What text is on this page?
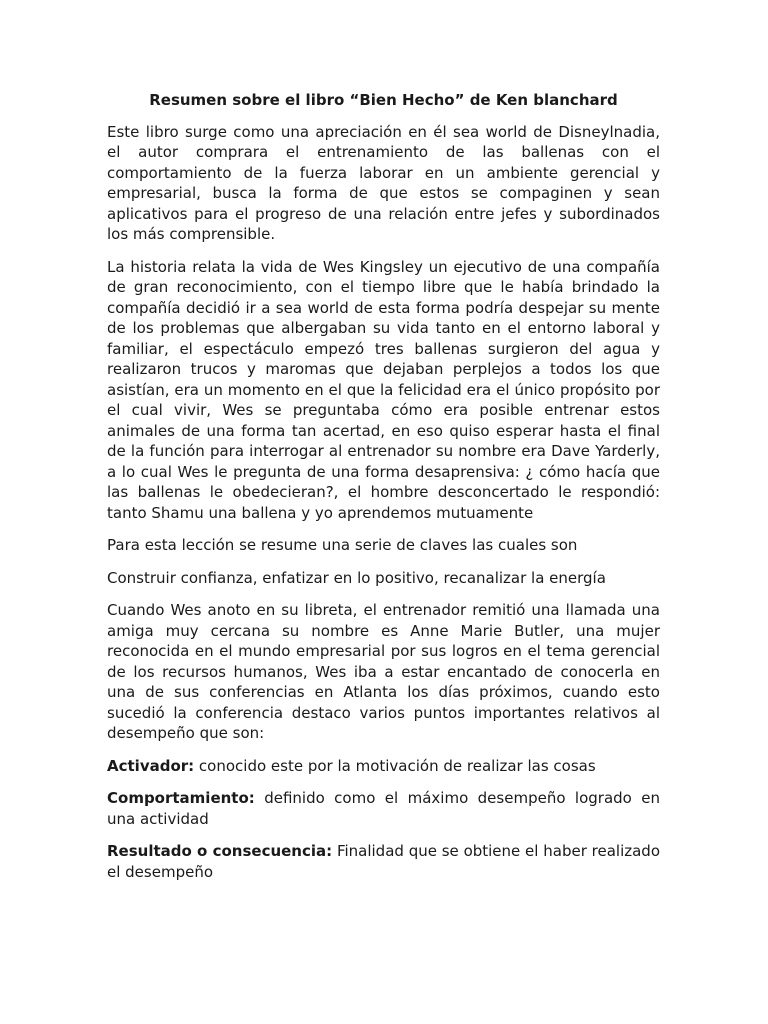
Resumen sobre el libro “Bien Hecho” de Ken blanchard

Este libro surge como una apreciación en él sea world de Disneylnadia, el autor comprara el entrenamiento de las ballenas con el comportamiento de la fuerza laborar en un ambiente gerencial y empresarial, busca la forma de que estos se compaginen y sean aplicativos para el progreso de una relación entre jefes y subordinados los más comprensible.

La historia relata la vida de Wes Kingsley un ejecutivo de una compañía de gran reconocimiento, con el tiempo libre que le había brindado la compañía decidió ir a sea world de esta forma podría despejar su mente de los problemas que albergaban su vida tanto en el entorno laboral y familiar, el espectáculo empezó tres ballenas surgieron del agua y realizaron trucos y maromas que dejaban perplejos a todos los que asistían, era un momento en el que la felicidad era el único propósito por el cual vivir, Wes se preguntaba cómo era posible entrenar estos animales de una forma tan acertad, en eso quiso esperar hasta el final de la función para interrogar al entrenador su nombre era Dave Yarderly, a lo cual Wes le pregunta de una forma desaprensiva: ¿ cómo hacía que las ballenas le obedecieran?, el hombre desconcertado le respondió: tanto Shamu una ballena y yo aprendemos mutuamente

Para esta lección se resume una serie de claves las cuales son

Construir confianza, enfatizar en lo positivo, recanalizar la energía

Cuando Wes anoto en su libreta, el entrenador remitió una llamada una amiga muy cercana su nombre es Anne Marie Butler, una mujer reconocida en el mundo empresarial por sus logros en el tema gerencial de los recursos humanos, Wes iba a estar encantado de conocerla en una de sus conferencias en Atlanta los días próximos, cuando esto sucedió la conferencia destaco varios puntos importantes relativos al desempeño que son:

Activador: conocido este por la motivación de realizar las cosas

Comportamiento: definido como el máximo desempeño logrado en una actividad

Resultado o consecuencia: Finalidad que se obtiene el haber realizado el desempeño
